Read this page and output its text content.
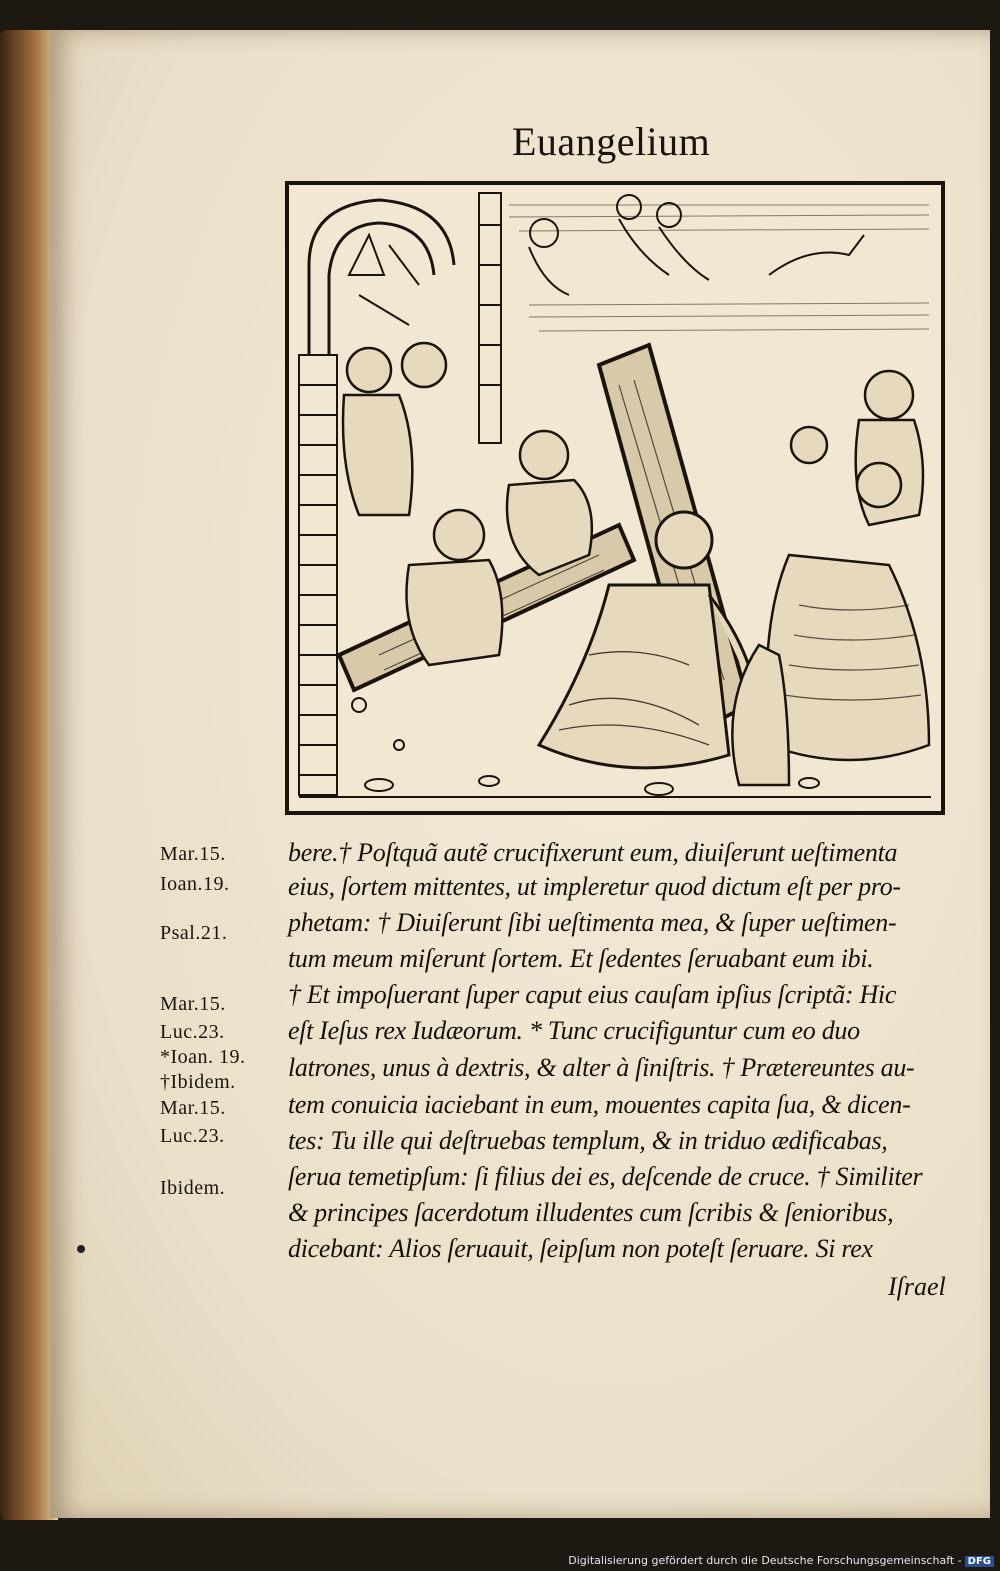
Euangelium
Mar.15.
Ioan.19.
Psal.21.
Mar.15.
Luc.23.
*Ioan. 19.
†Ibidem.
Mar.15.
Luc.23.
Ibidem.
bere.† Poſtquã autẽ crucifixerunt eum, diuiſerunt ueſtimenta
eius, ſortem mittentes, ut impleretur quod dictum eſt per pro-
phetam: † Diuiſerunt ſibi ueſtimenta mea, & ſuper ueſtimen-
tum meum miſerunt ſortem. Et ſedentes ſeruabant eum ibi.
† Et impoſuerant ſuper caput eius cauſam ipſius ſcriptã: Hic
eſt Ieſus rex Iudæorum. * Tunc crucifiguntur cum eo duo
latrones, unus à dextris, & alter à ſiniſtris. † Prætereuntes au-
tem conuicia iaciebant in eum, mouentes capita ſua, & dicen-
tes: Tu ille qui deſtruebas templum, & in triduo ædificabas,
ſerua temetipſum: ſi filius dei es, deſcende de cruce. † Similiter
& principes ſacerdotum illudentes cum ſcribis & ſenioribus,
dicebant: Alios ſeruauit, ſeipſum non poteſt ſeruare. Si rex
Iſrael
Digitalisierung gefördert durch die Deutsche Forschungsgemeinschaft - DFG
